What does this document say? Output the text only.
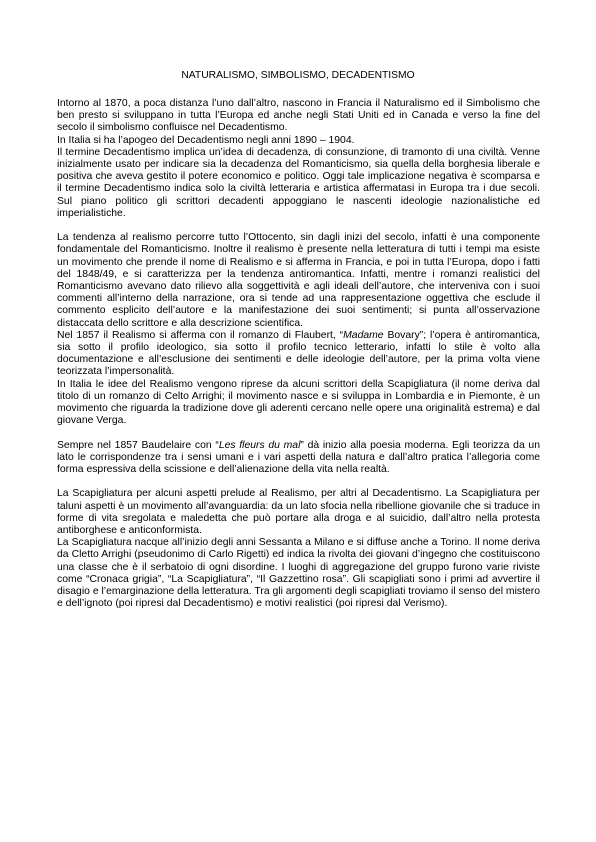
NATURALISMO, SIMBOLISMO, DECADENTISMO

Intorno al 1870, a poca distanza l’uno dall’altro, nascono in Francia il Naturalismo ed il Simbolismo che ben presto si sviluppano in tutta l’Europa ed anche negli Stati Uniti ed in Canada e verso la fine del secolo il simbolismo confluisce nel Decadentismo.

In Italia si ha l’apogeo del Decadentismo negli anni 1890 – 1904.

Il termine Decadentismo implica un’idea di decadenza, di consunzione, di tramonto di una civiltà. Venne inizialmente usato per indicare sia la decadenza del Romanticismo, sia quella della borghesia liberale e positiva che aveva gestito il potere economico e politico. Oggi tale implicazione negativa è scomparsa e il termine Decadentismo indica solo la civiltà letteraria e artistica affermatasi in Europa tra i due secoli. Sul piano politico gli scrittori decadenti appoggiano le nascenti ideologie nazionalistiche ed imperialistiche.

La tendenza al realismo percorre tutto l’Ottocento, sin dagli inizi del secolo, infatti è una componente fondamentale del Romanticismo. Inoltre il realismo è presente nella letteratura di tutti i tempi ma esiste un movimento che prende il nome di Realismo e si afferma in Francia, e poi in tutta l’Europa, dopo i fatti del 1848/49, e si caratterizza per la tendenza antiromantica. Infatti, mentre i romanzi realistici del Romanticismo avevano dato rilievo alla soggettività e agli ideali dell’autore, che interveniva con i suoi commenti all’interno della narrazione, ora si tende ad una rappresentazione oggettiva che esclude il commento esplicito dell’autore e la manifestazione dei suoi sentimenti; si punta all’osservazione distaccata dello scrittore e alla descrizione scientifica.

Nel 1857 il Realismo si afferma con il romanzo di Flaubert, “Madame Bovary”; l’opera è antiromantica, sia sotto il profilo ideologico, sia sotto il profilo tecnico letterario, infatti lo stile è volto alla documentazione e all’esclusione dei sentimenti e delle ideologie dell’autore, per la prima volta viene teorizzata l’impersonalità.

In Italia le idee del Realismo vengono riprese da alcuni scrittori della Scapigliatura (il nome deriva dal titolo di un romanzo di Celto Arrighi; il movimento nasce e si sviluppa in Lombardia e in Piemonte, è un movimento che riguarda la tradizione dove gli aderenti cercano nelle opere una originalità estrema) e dal giovane Verga.

Sempre nel 1857 Baudelaire con “Les fleurs du mal” dà inizio alla poesia moderna. Egli teorizza da un lato le corrispondenze tra i sensi umani e i vari aspetti della natura e dall’altro pratica l’allegoria come forma espressiva della scissione e dell’alienazione della vita nella realtà.

La Scapigliatura per alcuni aspetti prelude al Realismo, per altri al Decadentismo. La Scapigliatura per taluni aspetti è un movimento all’avanguardia: da un lato sfocia nella ribellione giovanile che si traduce in forme di vita sregolata e maledetta che può portare alla droga e al suicidio, dall’altro nella protesta antiborghese e anticonformista.

La Scapigliatura nacque all’inizio degli anni Sessanta a Milano e si diffuse anche a Torino. Il nome deriva da Cletto Arrighi (pseudonimo di Carlo Rigetti) ed indica la rivolta dei giovani d’ingegno che costituiscono una classe che è il serbatoio di ogni disordine. I luoghi di aggregazione del gruppo furono varie riviste come “Cronaca grigia”, “La Scapigliatura”, “Il Gazzettino rosa”. Gli scapigliati sono i primi ad avvertire il disagio e l’emarginazione della letteratura. Tra gli argomenti degli scapigliati troviamo il senso del mistero e dell’ignoto (poi ripresi dal Decadentismo) e motivi realistici (poi ripresi dal Verismo).
